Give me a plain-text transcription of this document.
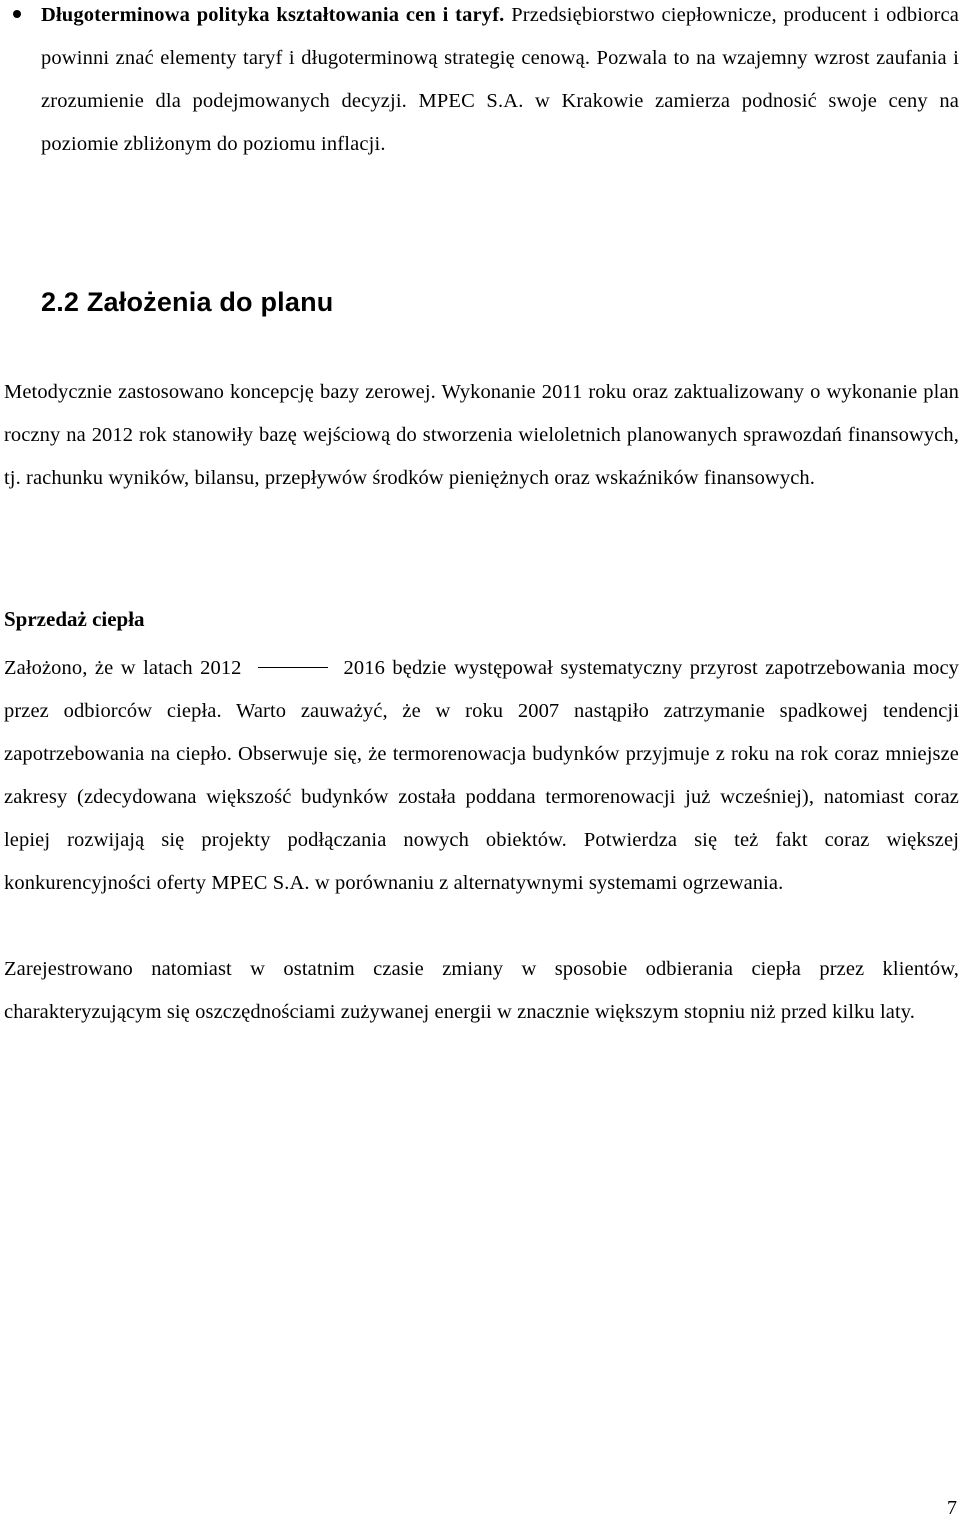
Długoterminowa polityka kształtowania cen i taryf. Przedsiębiorstwo ciepłownicze, producent i odbiorca powinni znać elementy taryf i długoterminową strategię cenową. Pozwala to na wzajemny wzrost zaufania i zrozumienie dla podejmowanych decyzji. MPEC S.A. w Krakowie zamierza podnosić swoje ceny na poziomie zbliżonym do poziomu inflacji.

2.2 Założenia do planu

Metodycznie zastosowano koncepcję bazy zerowej. Wykonanie 2011 roku oraz zaktualizowany o wykonanie plan roczny na 2012 rok stanowiły bazę wejściową do stworzenia wieloletnich planowanych sprawozdań finansowych, tj. rachunku wyników, bilansu, przepływów środków pieniężnych oraz wskaźników finansowych.

Sprzedaż ciepła

Założono, że w latach 2012	2016 będzie występował systematyczny przyrost zapotrzebowania mocy przez odbiorców ciepła. Warto zauważyć, że w roku 2007 nastąpiło zatrzymanie spadkowej tendencji zapotrzebowania na ciepło. Obserwuje się, że termorenowacja budynków przyjmuje z roku na rok coraz mniejsze zakresy (zdecydowana większość budynków została poddana termorenowacji już wcześniej), natomiast coraz lepiej rozwijają się projekty podłączania nowych obiektów. Potwierdza się też fakt coraz większej konkurencyjności oferty MPEC S.A. w porównaniu z alternatywnymi systemami ogrzewania.

Zarejestrowano natomiast w ostatnim czasie zmiany w sposobie odbierania ciepła przez klientów, charakteryzującym się oszczędnościami zużywanej energii w znacznie większym stopniu niż przed kilku laty.

7
